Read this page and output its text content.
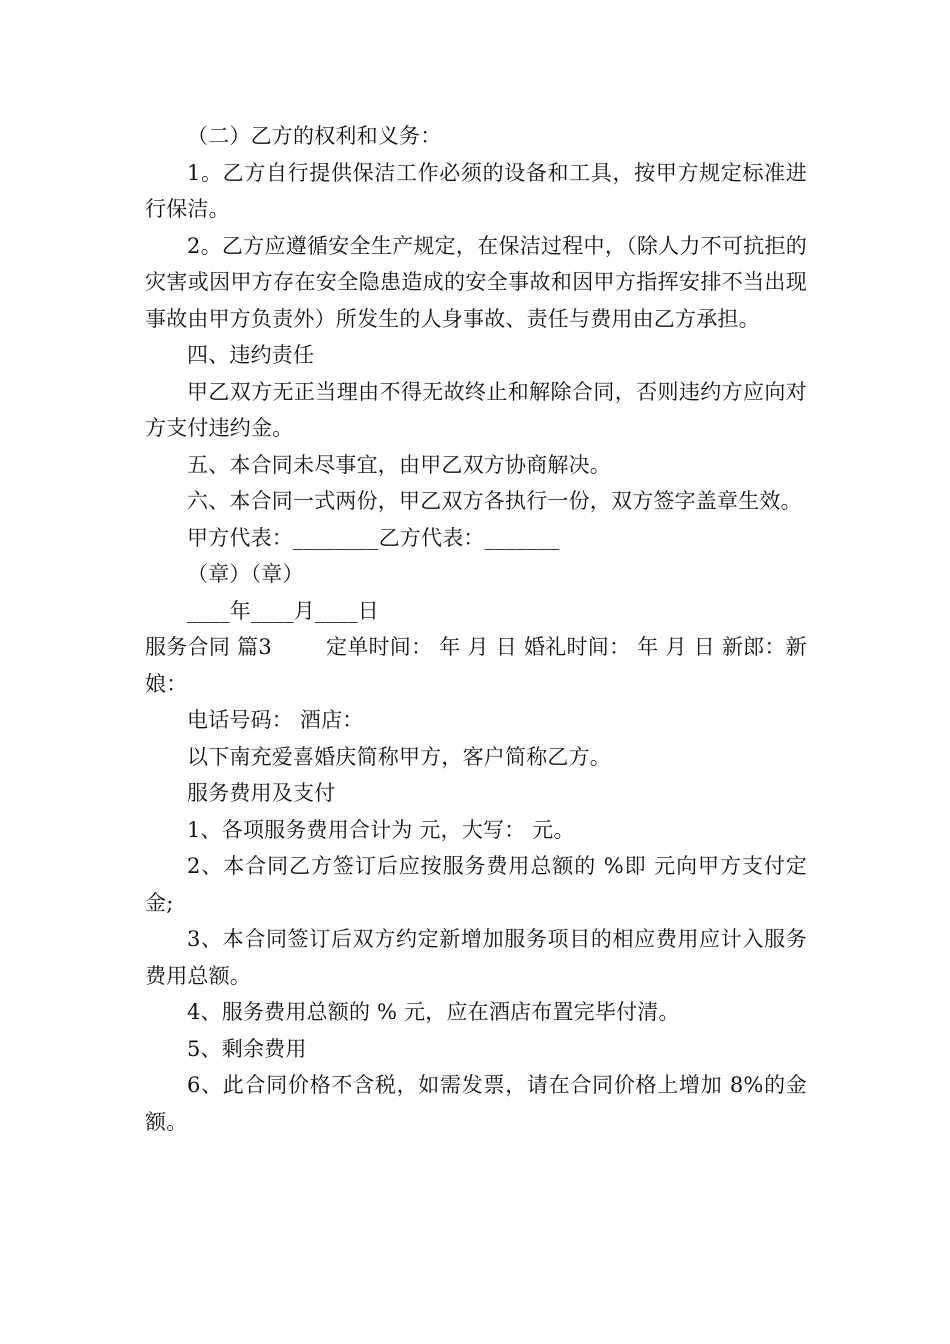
（二）乙方的权利和义务：

1。乙方自行提供保洁工作必须的设备和工具，按甲方规定标准进行保洁。

2。乙方应遵循安全生产规定，在保洁过程中，（除人力不可抗拒的灾害或因甲方存在安全隐患造成的安全事故和因甲方指挥安排不当出现事故由甲方负责外）所发生的人身事故、责任与费用由乙方承担。

四、违约责任

甲乙双方无正当理由不得无故终止和解除合同，否则违约方应向对方支付违约金。

五、本合同未尽事宜，由甲乙双方协商解决。

六、本合同一式两份，甲乙双方各执行一份，双方签字盖章生效。

甲方代表：________乙方代表：_______

（章）（章）

____年____月____日

服务合同 篇3	定单时间： 年 月 日 婚礼时间： 年 月 日 新郎：新娘：

电话号码： 酒店：

以下南充爱喜婚庆简称甲方，客户简称乙方。

服务费用及支付

1、各项服务费用合计为 元，大写： 元。

2、本合同乙方签订后应按服务费用总额的 %即 元向甲方支付定金;

3、本合同签订后双方约定新增加服务项目的相应费用应计入服务费用总额。

4、服务费用总额的 % 元，应在酒店布置完毕付清。

5、剩余费用

6、此合同价格不含税，如需发票，请在合同价格上增加 8%的金额。
